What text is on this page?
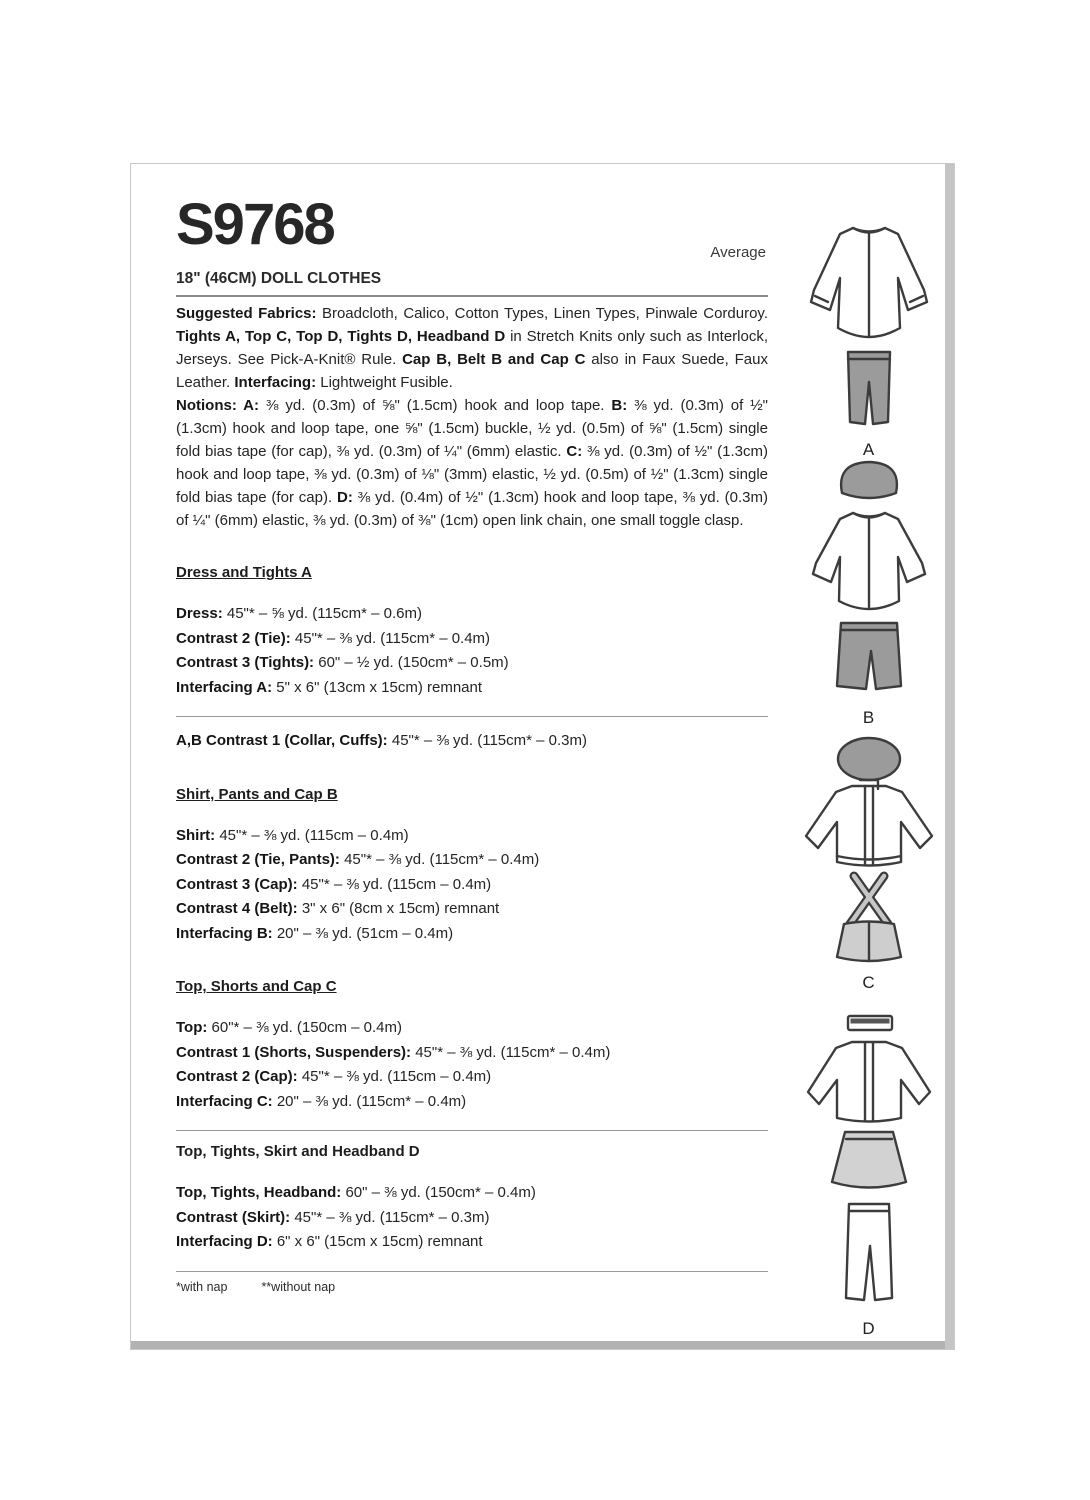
S9768	Average
18" (46CM) DOLL CLOTHES

Suggested Fabrics: Broadcloth, Calico, Cotton Types, Linen Types, Pinwale Corduroy. Tights A, Top C, Top D, Tights D, Headband D in Stretch Knits only such as Interlock, Jerseys. See Pick-A-Knit® Rule. Cap B, Belt B and Cap C also in Faux Suede, Faux Leather. Interfacing: Lightweight Fusible.

Notions: A: ⅜ yd. (0.3m) of ⅝" (1.5cm) hook and loop tape. B: ⅜ yd. (0.3m) of ½" (1.3cm) hook and loop tape, one ⅝" (1.5cm) buckle, ½ yd. (0.5m) of ⅝" (1.5cm) single fold bias tape (for cap), ⅜ yd. (0.3m) of ¼" (6mm) elastic. C: ⅜ yd. (0.3m) of ½" (1.3cm) hook and loop tape, ⅜ yd. (0.3m) of ⅛" (3mm) elastic, ½ yd. (0.5m) of ½" (1.3cm) single fold bias tape (for cap). D: ⅜ yd. (0.4m) of ½" (1.3cm) hook and loop tape, ⅜ yd. (0.3m) of ¼" (6mm) elastic, ⅜ yd. (0.3m) of ⅜" (1cm) open link chain, one small toggle clasp.

Dress and Tights A
Dress: 45"* – ⅝ yd. (115cm* – 0.6m)
Contrast 2 (Tie): 45"* – ⅜ yd. (115cm* – 0.4m)
Contrast 3 (Tights): 60" – ½ yd. (150cm* – 0.5m)
Interfacing A: 5" x 6" (13cm x 15cm) remnant
A,B Contrast 1 (Collar, Cuffs): 45"* – ⅜ yd. (115cm* – 0.3m)
Shirt, Pants and Cap B
Shirt: 45"* – ⅜ yd. (115cm – 0.4m)
Contrast 2 (Tie, Pants): 45"* – ⅜ yd. (115cm* – 0.4m)
Contrast 3 (Cap): 45"* – ⅜ yd. (115cm – 0.4m)
Contrast 4 (Belt): 3" x 6" (8cm x 15cm) remnant
Interfacing B: 20" – ⅜ yd. (51cm – 0.4m)
Top, Shorts and Cap C
Top: 60"* – ⅜ yd. (150cm – 0.4m)
Contrast 1 (Shorts, Suspenders): 45"* – ⅜ yd. (115cm* – 0.4m)
Contrast 2 (Cap): 45"* – ⅜ yd. (115cm – 0.4m)
Interfacing C: 20" – ⅜ yd. (115cm* – 0.4m)
Top, Tights, Skirt and Headband D
Top, Tights, Headband: 60" – ⅜ yd. (150cm* – 0.4m)
Contrast (Skirt): 45"* – ⅜ yd. (115cm* – 0.3m)
Interfacing D: 6" x 6" (15cm x 15cm) remnant

*with nap	**without nap

A
B
C
D
